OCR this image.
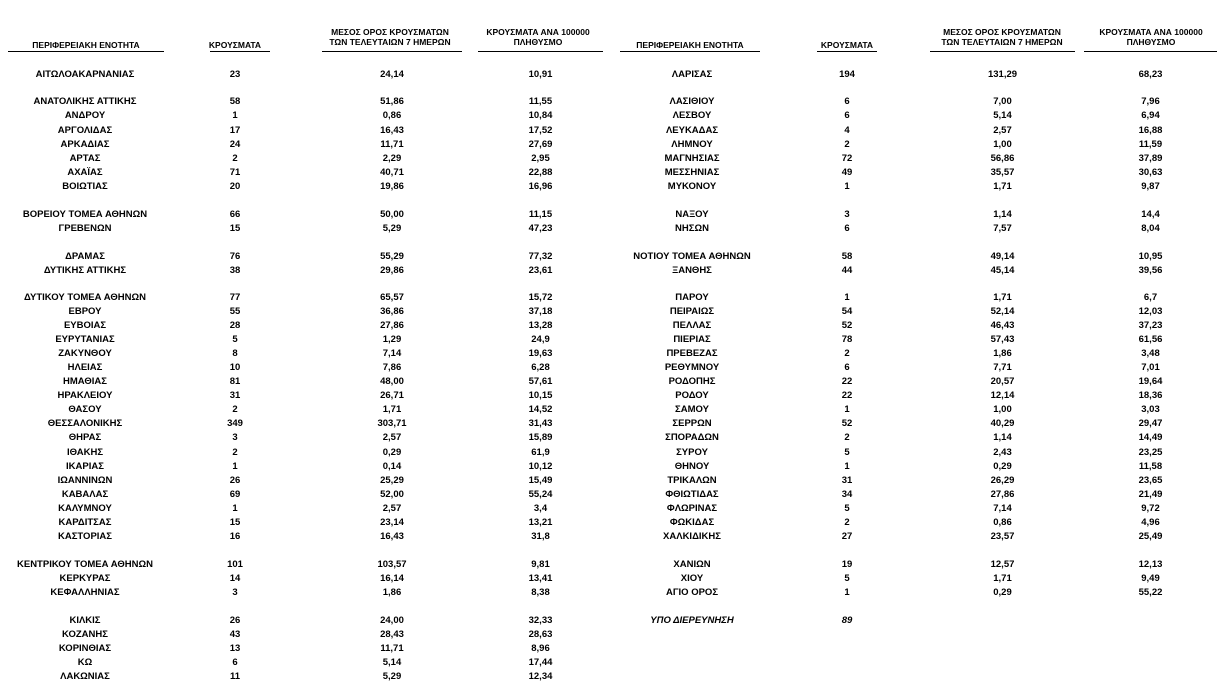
ΠΕΡΙΦΕΡΕΙΑΚΗ ΕΝΟΤΗΤΑ	ΚΡΟΥΣΜΑΤΑ
ΜΕΣΟΣ ΟΡΟΣ ΚΡΟΥΣΜΑΤΩΝ
ΤΩΝ ΤΕΛΕΥΤΑΙΩΝ 7 ΗΜΕΡΩΝ
ΚΡΟΥΣΜΑΤΑ ΑΝΑ 100000
ΠΛΗΘΥΣΜΟ
ΑΙΤΩΛΟΑΚΑΡΝΑΝΙΑΣ	23	24,14	10,91
ΑΝΑΤΟΛΙΚΗΣ ΑΤΤΙΚΗΣ	58	51,86	11,55
ΑΝΔΡΟΥ	1	0,86	10,84
ΑΡΓΟΛΙΔΑΣ	17	16,43	17,52
ΑΡΚΑΔΙΑΣ	24	11,71	27,69
ΑΡΤΑΣ	2	2,29	2,95
ΑΧΑΪΑΣ	71	40,71	22,88
ΒΟΙΩΤΙΑΣ	20	19,86	16,96
ΒΟΡΕΙΟΥ ΤΟΜΕΑ ΑΘΗΝΩΝ	66	50,00	11,15
ΓΡΕΒΕΝΩΝ	15	5,29	47,23
ΔΡΑΜΑΣ	76	55,29	77,32
ΔΥΤΙΚΗΣ ΑΤΤΙΚΗΣ	38	29,86	23,61
ΔΥΤΙΚΟΥ ΤΟΜΕΑ ΑΘΗΝΩΝ	77	65,57	15,72
ΕΒΡΟΥ	55	36,86	37,18
ΕΥΒΟΙΑΣ	28	27,86	13,28
ΕΥΡΥΤΑΝΙΑΣ	5	1,29	24,9
ΖΑΚΥΝΘΟΥ	8	7,14	19,63
ΗΛΕΙΑΣ	10	7,86	6,28
ΗΜΑΘΙΑΣ	81	48,00	57,61
ΗΡΑΚΛΕΙΟΥ	31	26,71	10,15
ΘΑΣΟΥ	2	1,71	14,52
ΘΕΣΣΑΛΟΝΙΚΗΣ	349	303,71	31,43
ΘΗΡΑΣ	3	2,57	15,89
ΙΘΑΚΗΣ	2	0,29	61,9
ΙΚΑΡΙΑΣ	1	0,14	10,12
ΙΩΑΝΝΙΝΩΝ	26	25,29	15,49
ΚΑΒΑΛΑΣ	69	52,00	55,24
ΚΑΛΥΜΝΟΥ	1	2,57	3,4
ΚΑΡΔΙΤΣΑΣ	15	23,14	13,21
ΚΑΣΤΟΡΙΑΣ	16	16,43	31,8
ΚΕΝΤΡΙΚΟΥ ΤΟΜΕΑ ΑΘΗΝΩΝ	101	103,57	9,81
ΚΕΡΚΥΡΑΣ	14	16,14	13,41
ΚΕΦΑΛΛΗΝΙΑΣ	3	1,86	8,38
ΚΙΛΚΙΣ	26	24,00	32,33
ΚΟΖΑΝΗΣ	43	28,43	28,63
ΚΟΡΙΝΘΙΑΣ	13	11,71	8,96
ΚΩ	6	5,14	17,44
ΛΑΚΩΝΙΑΣ	11	5,29	12,34
ΠΕΡΙΦΕΡΕΙΑΚΗ ΕΝΟΤΗΤΑ	ΚΡΟΥΣΜΑΤΑ
ΜΕΣΟΣ ΟΡΟΣ ΚΡΟΥΣΜΑΤΩΝ
ΤΩΝ ΤΕΛΕΥΤΑΙΩΝ 7 ΗΜΕΡΩΝ
ΚΡΟΥΣΜΑΤΑ ΑΝΑ 100000
ΠΛΗΘΥΣΜΟ
ΛΑΡΙΣΑΣ	194	131,29	68,23
ΛΑΣΙΘΙΟΥ	6	7,00	7,96
ΛΕΣΒΟΥ	6	5,14	6,94
ΛΕΥΚΑΔΑΣ	4	2,57	16,88
ΛΗΜΝΟΥ	2	1,00	11,59
ΜΑΓΝΗΣΙΑΣ	72	56,86	37,89
ΜΕΣΣΗΝΙΑΣ	49	35,57	30,63
ΜΥΚΟΝΟΥ	1	1,71	9,87
ΝΑΞΟΥ	3	1,14	14,4
ΝΗΣΩΝ	6	7,57	8,04
ΝΟΤΙΟΥ ΤΟΜΕΑ ΑΘΗΝΩΝ	58	49,14	10,95
ΞΑΝΘΗΣ	44	45,14	39,56
ΠΑΡΟΥ	1	1,71	6,7
ΠΕΙΡΑΙΩΣ	54	52,14	12,03
ΠΕΛΛΑΣ	52	46,43	37,23
ΠΙΕΡΙΑΣ	78	57,43	61,56
ΠΡΕΒΕΖΑΣ	2	1,86	3,48
ΡΕΘΥΜΝΟΥ	6	7,71	7,01
ΡΟΔΟΠΗΣ	22	20,57	19,64
ΡΟΔΟΥ	22	12,14	18,36
ΣΑΜΟΥ	1	1,00	3,03
ΣΕΡΡΩΝ	52	40,29	29,47
ΣΠΟΡΑΔΩΝ	2	1,14	14,49
ΣΥΡΟΥ	5	2,43	23,25
ΘΗΝΟΥ	1	0,29	11,58
ΤΡΙΚΑΛΩΝ	31	26,29	23,65
ΦΘΙΩΤΙΔΑΣ	34	27,86	21,49
ΦΛΩΡΙΝΑΣ	5	7,14	9,72
ΦΩΚΙΔΑΣ	2	0,86	4,96
ΧΑΛΚΙΔΙΚΗΣ	27	23,57	25,49
ΧΑΝΙΩΝ	19	12,57	12,13
ΧΙΟΥ	5	1,71	9,49
ΑΓΙΟ ΟΡΟΣ	1	0,29	55,22
ΥΠΟ ΔΙΕΡΕΥΝΗΣΗ	89
